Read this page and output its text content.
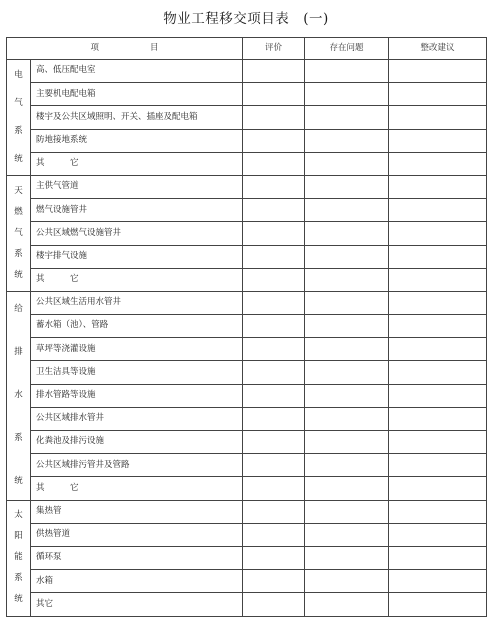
物业工程移交项目表　(一)
项　　　　　　目		评价	存在问题	整改建议

电
气
系
统	高、低压配电室			
	主要机电配电箱			
	楼宇及公共区域照明、开关、插座及配电箱			
	防地接地系统			
	其　　　它			

天
燃
气
系
统	主供气管道			
	燃气设施管井			
	公共区域燃气设施管井			
	楼宇排气设施			
	其　　　它			

给
排
水
系
统	公共区域生活用水管井			
	蓄水箱（池）、管路			
	草坪等浇灌设施			
	卫生洁具等设施			
	排水管路等设施			
	公共区域排水管井			
	化粪池及排污设施			
	公共区域排污管井及管路			
	其　　　它			

太
阳
能
系
统	集热管			
	供热管道			
	循环泵			
	水箱			
	其它			
